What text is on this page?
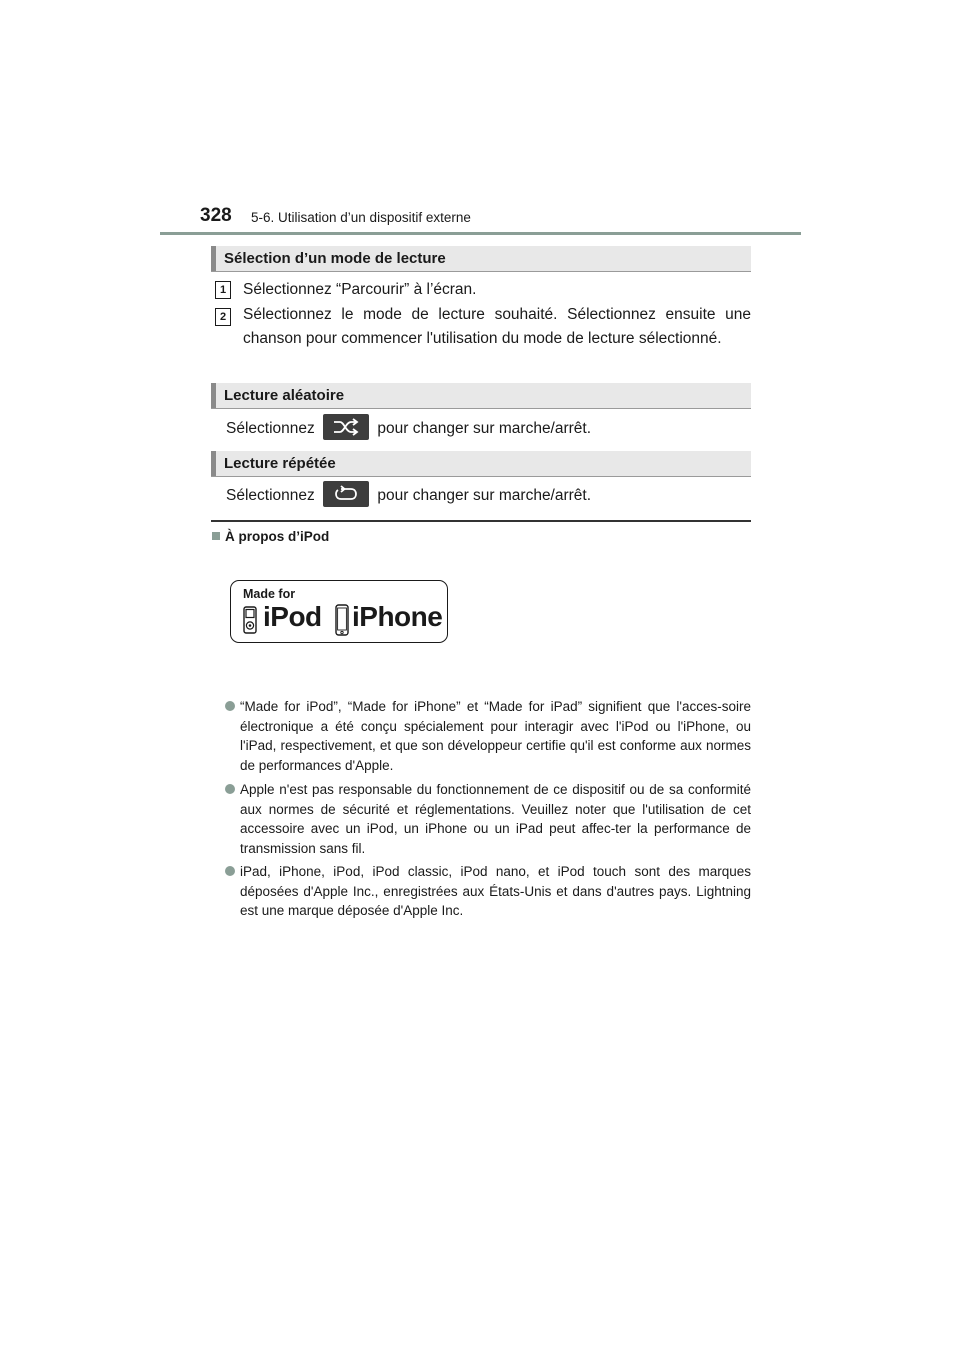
328 5-6. Utilisation d’un dispositif externe
Sélection d’un mode de lecture
1	Sélectionnez “Parcourir” à l’écran.
2	Sélectionnez le mode de lecture souhaité. Sélectionnez ensuite une chanson pour commencer l'utilisation du mode de lecture sélectionné.
Lecture aléatoire
Sélectionnez	pour changer sur marche/arrêt.
Lecture répétée
Sélectionnez	pour changer sur marche/arrêt.
À propos d’iPod
Made for
iPod iPhone
“Made for iPod”, “Made for iPhone” et “Made for iPad” signifient que l'acces-soire électronique a été conçu spécialement pour interagir avec l'iPod ou l'iPhone, ou l'iPad, respectivement, et que son développeur certifie qu'il est conforme aux normes de performances d'Apple.
Apple n'est pas responsable du fonctionnement de ce dispositif ou de sa conformité aux normes de sécurité et réglementations. Veuillez noter que l'utilisation de cet accessoire avec un iPod, un iPhone ou un iPad peut affec-ter la performance de transmission sans fil.
iPad, iPhone, iPod, iPod classic, iPod nano, et iPod touch sont des marques déposées d'Apple Inc., enregistrées aux États-Unis et dans d'autres pays. Lightning est une marque déposée d'Apple Inc.
